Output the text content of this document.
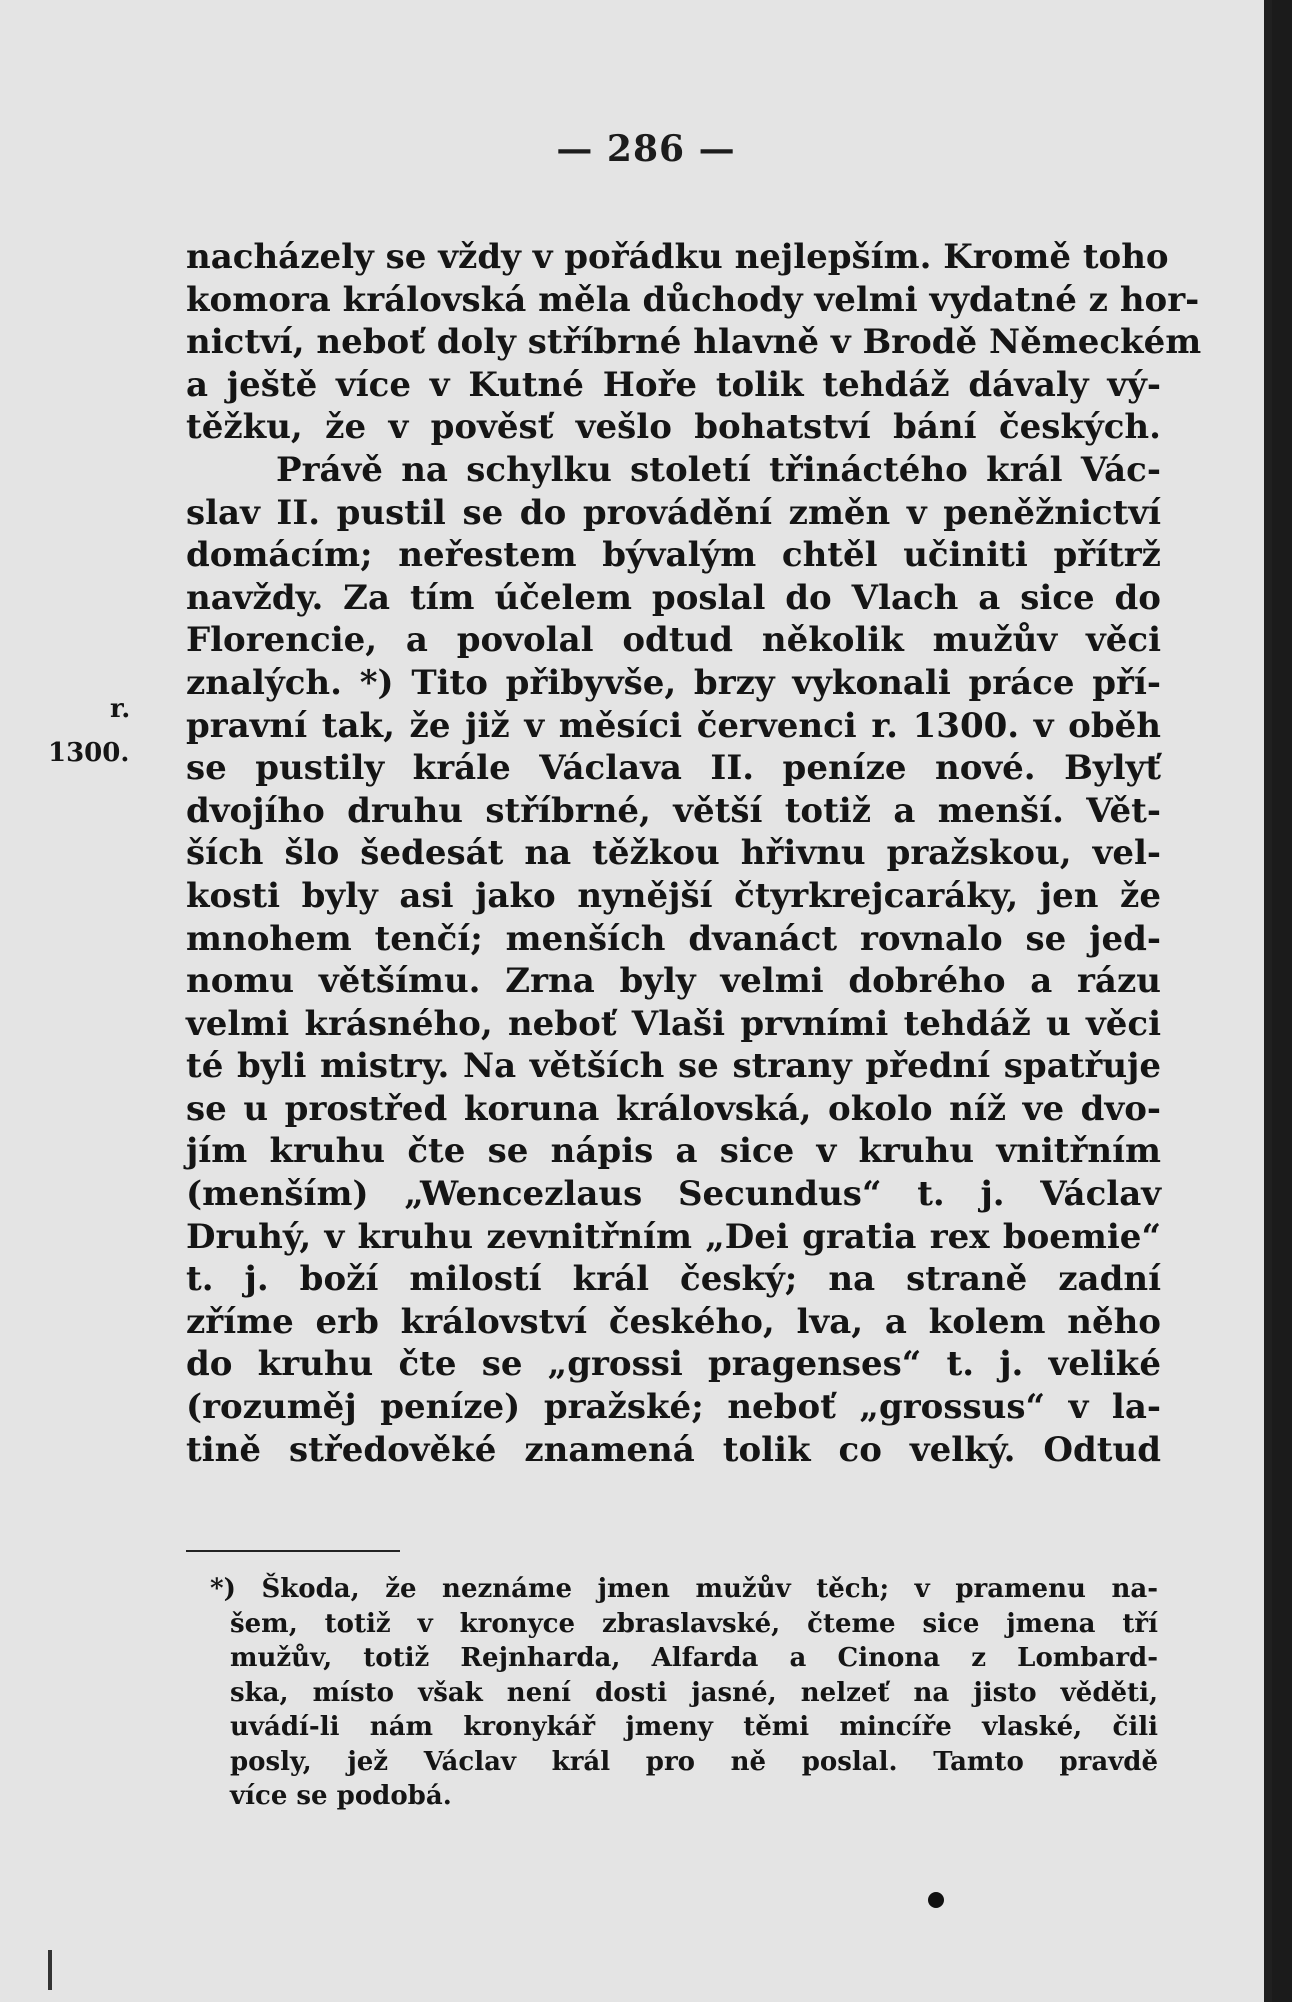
— 286 —
r.
1300.
nacházely se vždy v pořádku nejlepším. Kromě toho
komora královská měla důchody velmi vydatné z hor-
nictví, neboť doly stříbrné hlavně v Brodě Německém
a ještě více v Kutné Hoře tolik tehdáž dávaly vý-
těžku, že v pověsť vešlo bohatství bání českých.
Právě na schylku století třináctého král Vác-
slav II. pustil se do provádění změn v peněžnictví
domácím; neřestem bývalým chtěl učiniti přítrž
navždy. Za tím účelem poslal do Vlach a sice do
Florencie, a povolal odtud několik mužův věci
znalých. *) Tito přibyvše, brzy vykonali práce pří-
pravní tak, že již v měsíci červenci r. 1300. v oběh
se pustily krále Václava II. peníze nové. Bylyť
dvojího druhu stříbrné, větší totiž a menší. Vět-
ších šlo šedesát na těžkou hřivnu pražskou, vel-
kosti byly asi jako nynější čtyrkrejcaráky, jen že
mnohem tenčí; menších dvanáct rovnalo se jed-
nomu většímu. Zrna byly velmi dobrého a rázu
velmi krásného, neboť Vlaši prvními tehdáž u věci
té byli mistry. Na větších se strany přední spatřuje
se u prostřed koruna královská, okolo níž ve dvo-
jím kruhu čte se nápis a sice v kruhu vnitřním
(menším) „Wencezlaus Secundus“ t. j. Václav
Druhý, v kruhu zevnitřním „Dei gratia rex boemie“
t. j. boží milostí král český; na straně zadní
zříme erb království českého, lva, a kolem něho
do kruhu čte se „grossi pragenses“ t. j. veliké
(rozuměj peníze) pražské; neboť „grossus“ v la-
tině středověké znamená tolik co velký. Odtud
*) Škoda, že neznáme jmen mužův těch; v pramenu na-
šem, totiž v kronyce zbraslavské, čteme sice jmena tří
mužův, totiž Rejnharda, Alfarda a Cinona z Lombard-
ska, místo však není dosti jasné, nelzeť na jisto věděti,
uvádí-li nám kronykář jmeny těmi mincíře vlaské, čili
posly, jež Václav král pro ně poslal. Tamto pravdě
více se podobá.
